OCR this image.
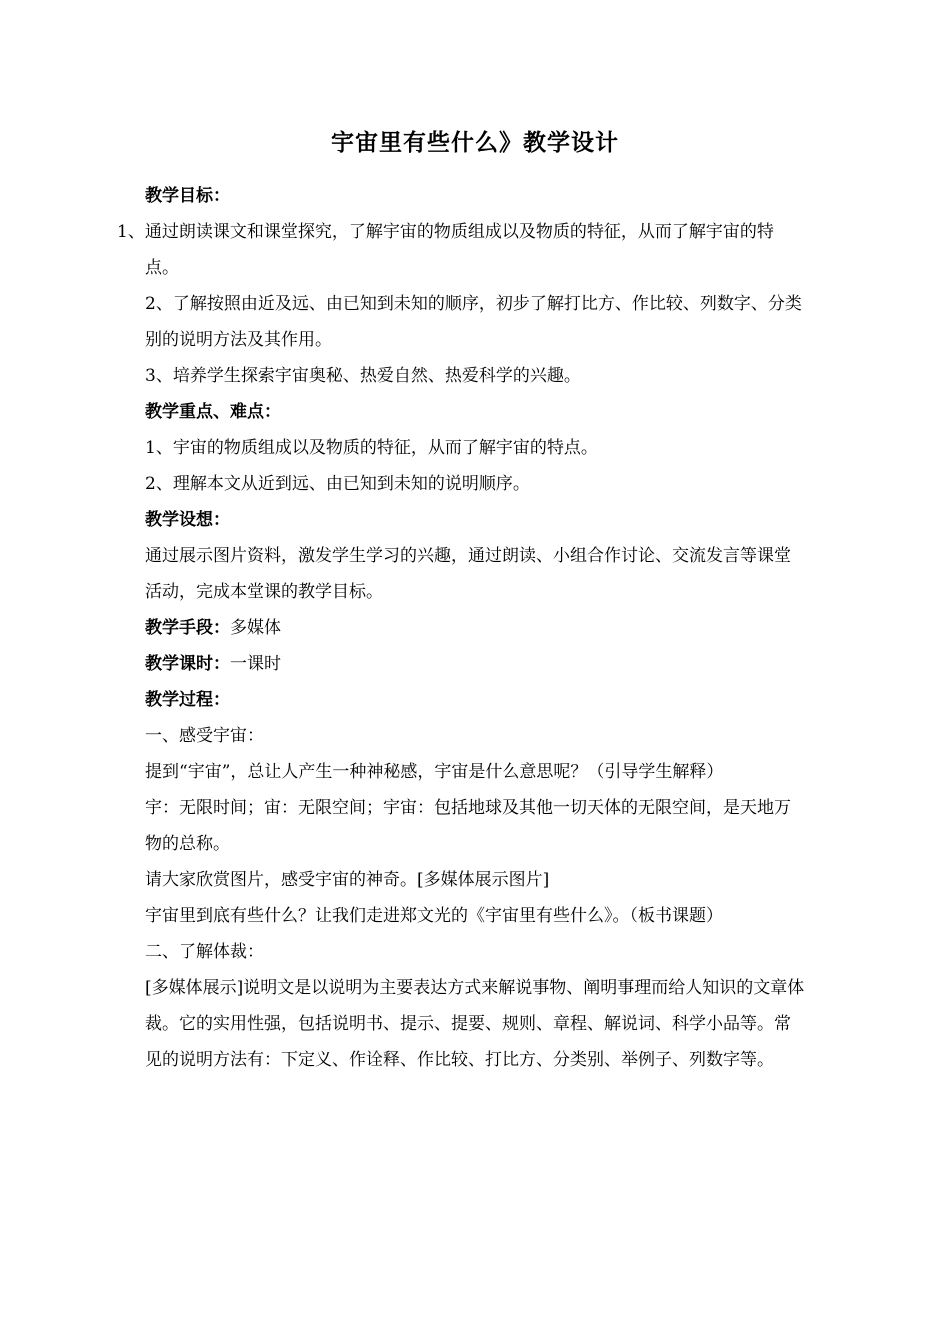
宇宙里有些什么》教学设计

教学目标：

1、通过朗读课文和课堂探究，了解宇宙的物质组成以及物质的特征，从而了解宇宙的特点。

2、了解按照由近及远、由已知到未知的顺序，初步了解打比方、作比较、列数字、分类别的说明方法及其作用。

3、培养学生探索宇宙奥秘、热爱自然、热爱科学的兴趣。

教学重点、难点：

1、宇宙的物质组成以及物质的特征，从而了解宇宙的特点。

2、理解本文从近到远、由已知到未知的说明顺序。

教学设想：

通过展示图片资料，激发学生学习的兴趣，通过朗读、小组合作讨论、交流发言等课堂活动，完成本堂课的教学目标。

教学手段：多媒体

教学课时：一课时

教学过程：

一、感受宇宙：

提到“宇宙”，总让人产生一种神秘感，宇宙是什么意思呢？（引导学生解释）

宇：无限时间；宙：无限空间；宇宙：包括地球及其他一切天体的无限空间，是天地万物的总称。

请大家欣赏图片，感受宇宙的神奇。[多媒体展示图片]

宇宙里到底有些什么？让我们走进郑文光的《宇宙里有些什么》。（板书课题）

二、了解体裁：

[多媒体展示]说明文是以说明为主要表达方式来解说事物、阐明事理而给人知识的文章体裁。它的实用性强，包括说明书、提示、提要、规则、章程、解说词、科学小品等。常见的说明方法有：下定义、作诠释、作比较、打比方、分类别、举例子、列数字等。
